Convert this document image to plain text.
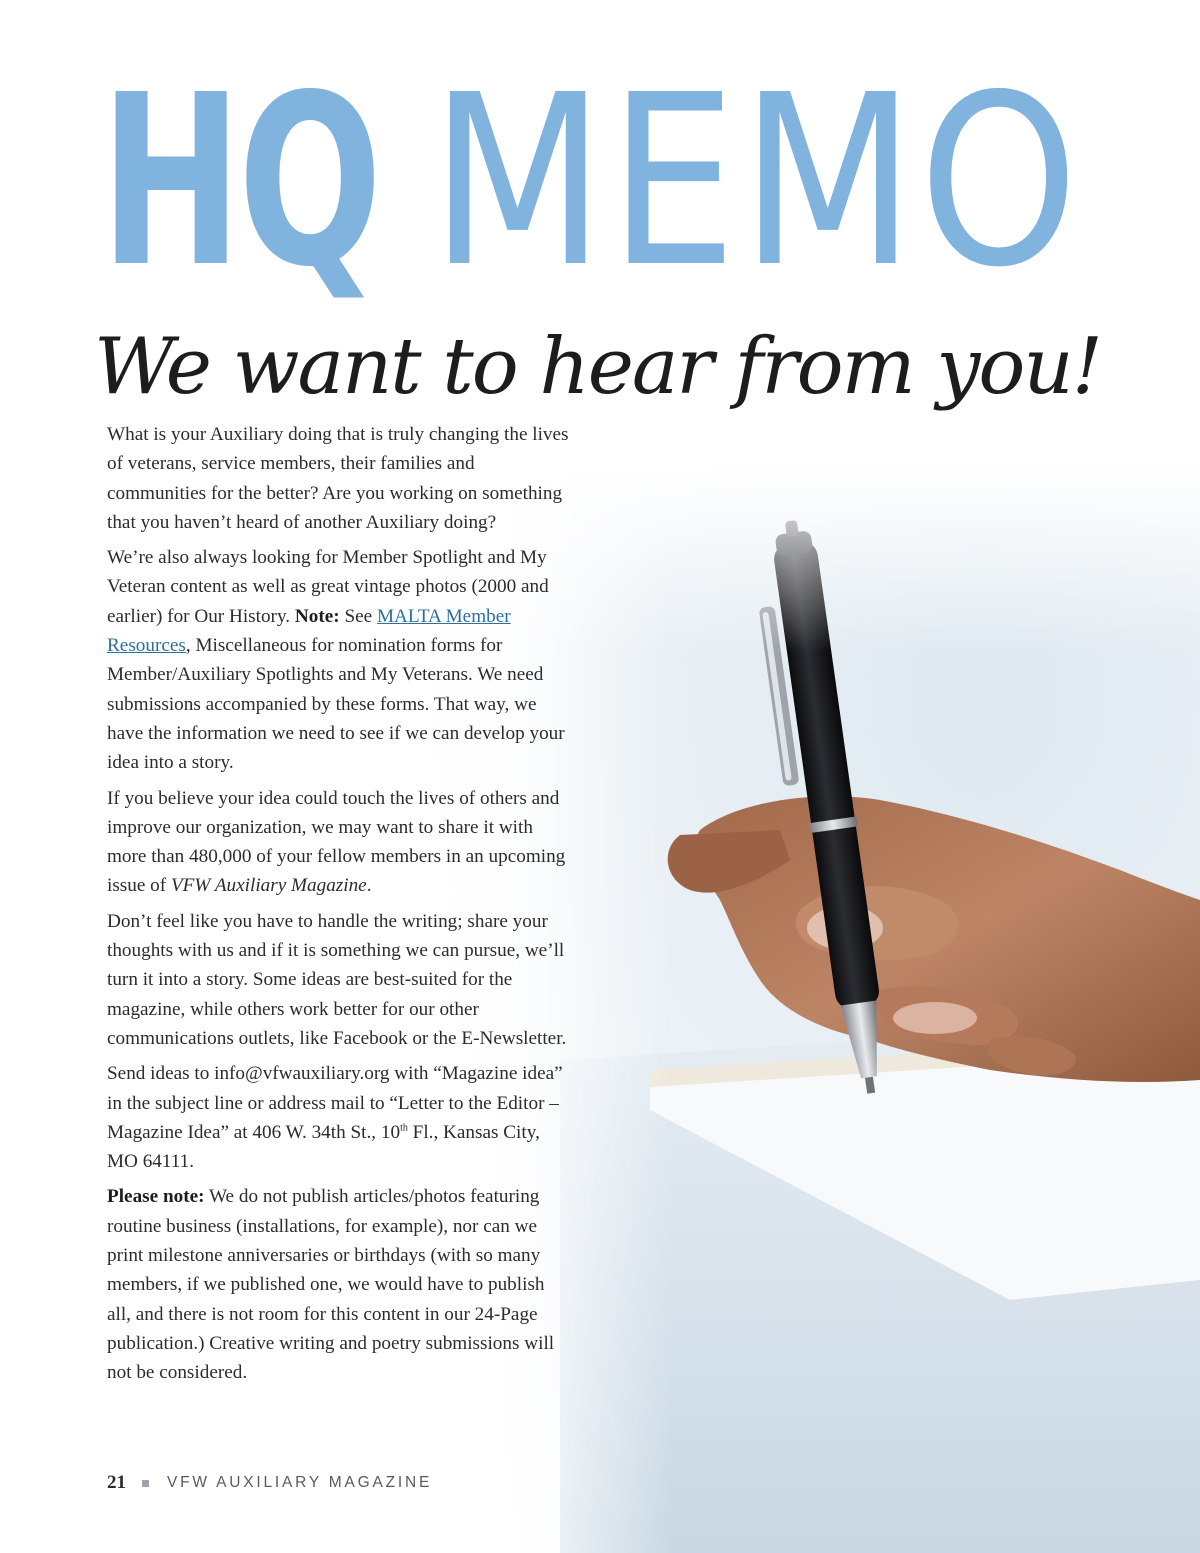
HQ MEMO
We want to hear from you!

What is your Auxiliary doing that is truly changing the lives of veterans, service members, their families and communities for the better? Are you working on something that you haven’t heard of another Auxiliary doing?

We’re also always looking for Member Spotlight and My Veteran content as well as great vintage photos (2000 and earlier) for Our History. Note: See MALTA Member Resources, Miscellaneous for nomination forms for Member/Auxiliary Spotlights and My Veterans. We need submissions accompanied by these forms. That way, we have the information we need to see if we can develop your idea into a story.

If you believe your idea could touch the lives of others and improve our organization, we may want to share it with more than 480,000 of your fellow members in an upcoming issue of VFW Auxiliary Magazine.

Don’t feel like you have to handle the writing; share your thoughts with us and if it is something we can pursue, we’ll turn it into a story. Some ideas are best-suited for the magazine, while others work better for our other communications outlets, like Facebook or the E-Newsletter.

Send ideas to info@vfwauxiliary.org with “Magazine idea” in the subject line or address mail to “Letter to the Editor – Magazine Idea” at 406 W. 34th St., 10th Fl., Kansas City, MO 64111.

Please note: We do not publish articles/photos featuring routine business (installations, for example), nor can we print milestone anniversaries or birthdays (with so many members, if we published one, we would have to publish all, and there is not room for this content in our 24-Page publication.) Creative writing and poetry submissions will not be considered.

21	VFW AUXILIARY MAGAZINE
